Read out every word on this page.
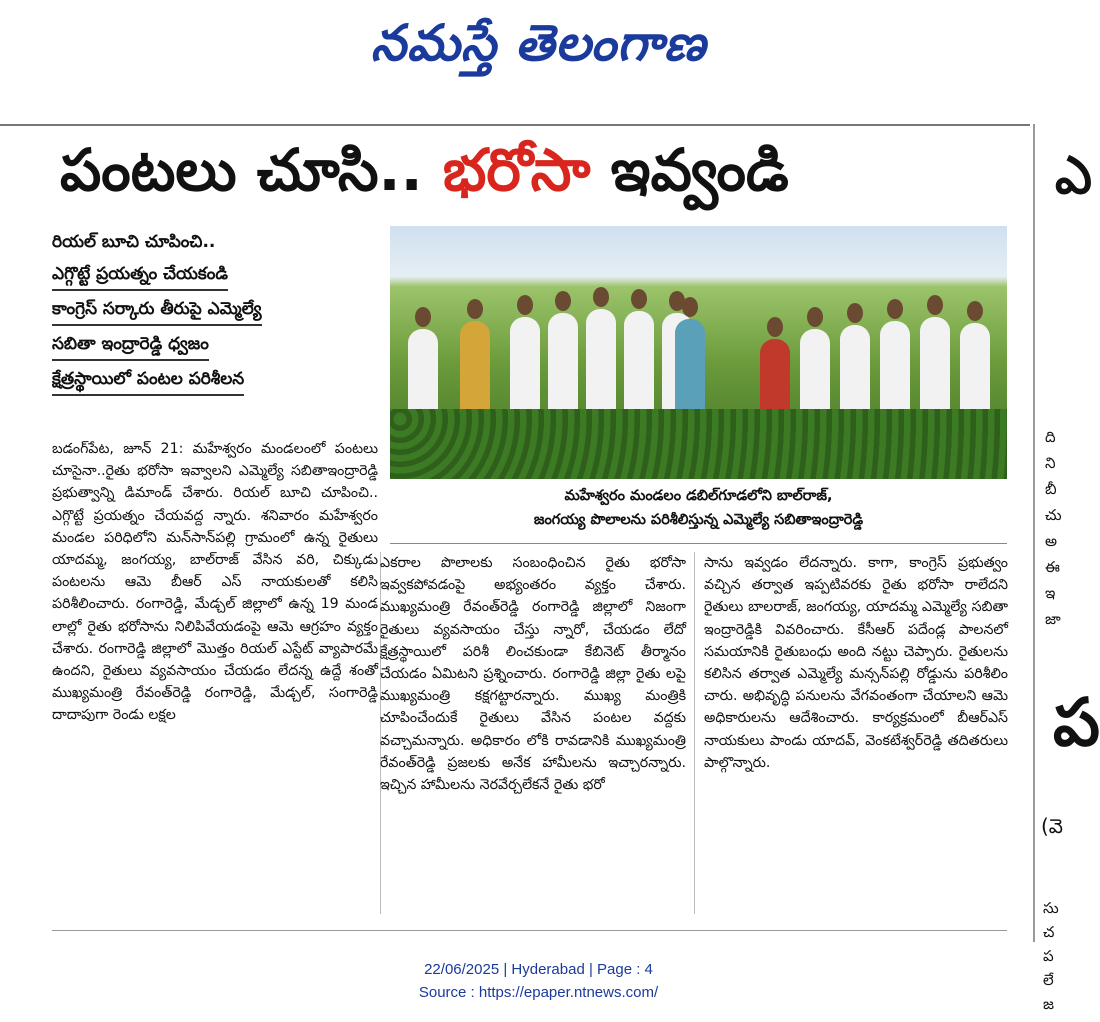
నమస్తే తెలంగాణ
పంటలు చూసి.. భరోసా ఇవ్వండి
రియల్ బూచి చూపించి..
ఎగ్గొట్టే ప్రయత్నం చేయకండి
కాంగ్రెస్ సర్కారు తీరుపై ఎమ్మెల్యే
సబితా ఇంద్రారెడ్డి ధ్వజం
క్షేత్రస్థాయిలో పంటల పరిశీలన
మహేశ్వరం మండలం డబిల్‌గూడలోని బాల్‌రాజ్,
జంగయ్య పొలాలను పరిశీలిస్తున్న ఎమ్మెల్యే సబితాఇంద్రారెడ్డి

బడంగ్‌పేట, జూన్ 21: మహేశ్వరం మండలంలో పంటలు చూసైనా..రైతు భరోసా ఇవ్వాలని ఎమ్మెల్యే సబితాఇంద్రారెడ్డి ప్రభుత్వాన్ని డిమాండ్ చేశారు. రియల్ బూచి చూపించి.. ఎగ్గొట్టే ప్రయత్నం చేయవద్ద న్నారు. శనివారం మహేశ్వరం మండల పరిధిలోని మన్‌సాన్‌పల్లి గ్రామంలో ఉన్న రైతులు యాదమ్మ, జంగయ్య, బాల్‌రాజ్ వేసిన వరి, చిక్కుడు పంటలను ఆమె బీఆర్ ఎస్ నాయకులతో కలిసి పరిశీలించారు. రంగారెడ్డి, మేడ్చల్ జిల్లాలో ఉన్న 19 మండ లాల్లో రైతు భరోసాను నిలిపివేయడంపై ఆమె ఆగ్రహం వ్యక్తం చేశారు. రంగారెడ్డి జిల్లాలో మొత్తం రియల్ ఎస్టేట్ వ్యాపారమే ఉందని, రైతులు వ్యవసాయం చేయడం లేదన్న ఉద్దే శంతో ముఖ్యమంత్రి రేవంత్‌రెడ్డి రంగారెడ్డి, మేడ్చల్, సంగారెడ్డి దాదాపుగా రెండు లక్షల

ఎకరాల పొలాలకు సంబంధించిన రైతు భరోసా ఇవ్వకపోవడంపై అభ్యంతరం వ్యక్తం చేశారు. ముఖ్యమంత్రి రేవంత్‌రెడ్డి రంగారెడ్డి జిల్లాలో నిజంగా రైతులు వ్యవసాయం చేస్తు న్నారో, చేయడం లేదో క్షేత్రస్థాయిలో పరిశీ లించకుండా కేబినెట్ తీర్మానం చేయడం ఏమిటని ప్రశ్నించారు. రంగారెడ్డి జిల్లా రైతు లపై ముఖ్యమంత్రి కక్షగట్టారన్నారు. ముఖ్య మంత్రికి చూపించేందుకే రైతులు వేసిన పంటల వద్దకు వచ్చామన్నారు. అధికారం లోకి రావడానికి ముఖ్యమంత్రి రేవంత్‌రెడ్డి ప్రజలకు అనేక హామీలను ఇచ్చారన్నారు. ఇచ్చిన హామీలను నెరవేర్చలేకనే రైతు భరో

సాను ఇవ్వడం లేదన్నారు. కాగా, కాంగ్రెస్ ప్రభుత్వం వచ్చిన తర్వాత ఇప్పటివరకు రైతు భరోసా రాలేదని రైతులు బాలరాజ్, జంగయ్య, యాదమ్మ ఎమ్మెల్యే సబితా ఇంద్రారెడ్డికి వివరించారు. కేసీఆర్ పదేండ్ల పాలనలో సమయానికి రైతుబంధు అంది నట్టు చెప్పారు. రైతులను కలిసిన తర్వాత ఎమ్మెల్యే మన్సన్‌పల్లి రోడ్డును పరిశీలిం చారు. అభివృద్ధి పనులను వేగవంతంగా చేయాలని ఆమె అధికారులను ఆదేశించారు. కార్యక్రమంలో బీఆర్‌ఎస్ నాయకులు పాండు యాదవ్, వెంకటేశ్వర్‌రెడ్డి తదితరులు పాల్గొన్నారు.

ఎ
ది
ని
బీ
చు
అ
ఈ
ఇ
జా
ప
(వె
సు
చ
ప
లే
జ
22/06/2025 | Hyderabad | Page : 4
Source : https://epaper.ntnews.com/
